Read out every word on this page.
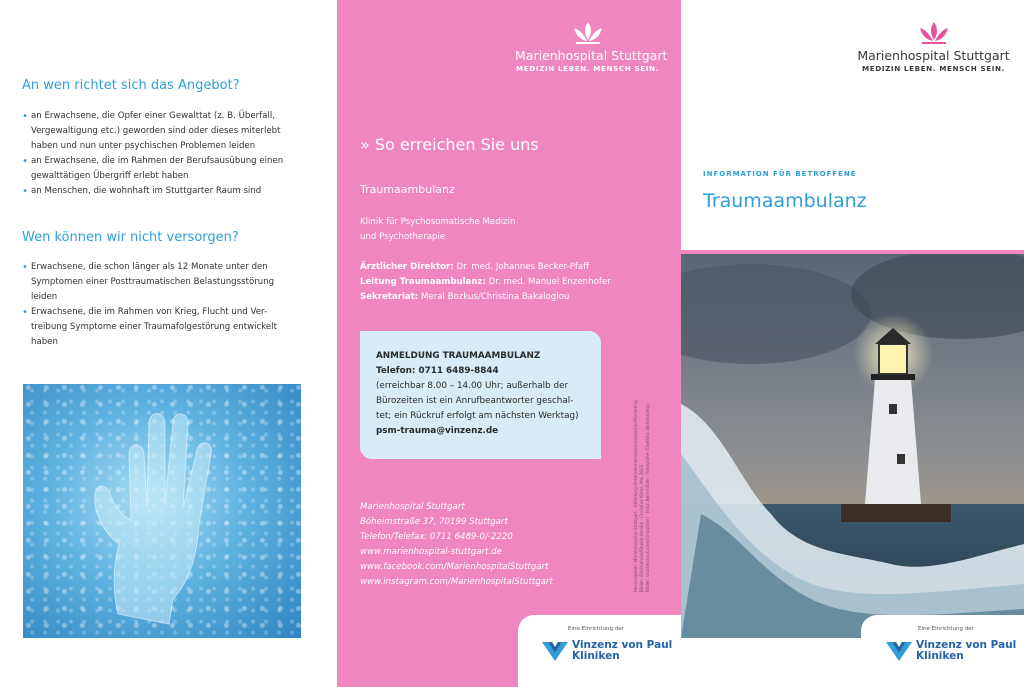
An wen richtet sich das Angebot?
• an Erwachsene, die Opfer einer Gewalttat (z. B. Überfall,
Vergewaltigung etc.) geworden sind oder dieses miterlebt
haben und nun unter psychischen Problemen leiden
• an Erwachsene, die im Rahmen der Berufsausübung einen
gewalttätigen Übergriff erlebt haben
• an Menschen, die wohnhaft im Stuttgarter Raum sind
Wen können wir nicht versorgen?
• Erwachsene, die schon länger als 12 Monate unter den
Symptomen einer Posttraumatischen Belastungsstörung
leiden
• Erwachsene, die im Rahmen von Krieg, Flucht und Ver-
treibung Symptome einer Traumafolgestörung entwickelt
haben
Marienhospital Stuttgart
MEDIZIN LEBEN. MENSCH SEIN.
» So erreichen Sie uns
Traumaambulanz
Klinik für Psychosomatische Medizin
und Psychotherapie
Ärztlicher Direktor: Dr. med. Johannes Becker-Pfaff
Leitung Traumaambulanz: Dr. med. Manuel Enzenhofer
Sekretariat: Meral Bozkus/Christina Bakaloglou
ANMELDUNG TRAUMAAMBULANZ
Telefon: 0711 6489-8844
(erreichbar 8.00 – 14.00 Uhr; außerhalb der
Bürozeiten ist ein Anrufbeantworter geschal-
tet; ein Rückruf erfolgt am nächsten Werktag)
psm-trauma@vinzenz.de	Herausgeber: Marienhospital Stuttgart · Abteilung Unternehmenskommunikation/Marketing Bilder: iStockphoto/Studio-Annika · Christine Klaas, Mai 2022 Bilder: shutterstock.com/Gmapfrom · Foto: Bernd Eder · Fotografie (Titelfoto: Bahrenberg)
Marienhospital Stuttgart
Böheimstraße 37, 70199 Stuttgart
Telefon/Telefax: 0711 6489-0/-2220
www.marienhospital-stuttgart.de
www.facebook.com/MarienhospitalStuttgart
www.instagram.com/MarienhospitalStuttgart
Eine Einrichtung der
Vinzenz von Paul
Kliniken
Marienhospital Stuttgart
MEDIZIN LEBEN. MENSCH SEIN.
INFORMATION FÜR BETROFFENE
Traumaambulanz
Eine Einrichtung der
Vinzenz von Paul
Kliniken
